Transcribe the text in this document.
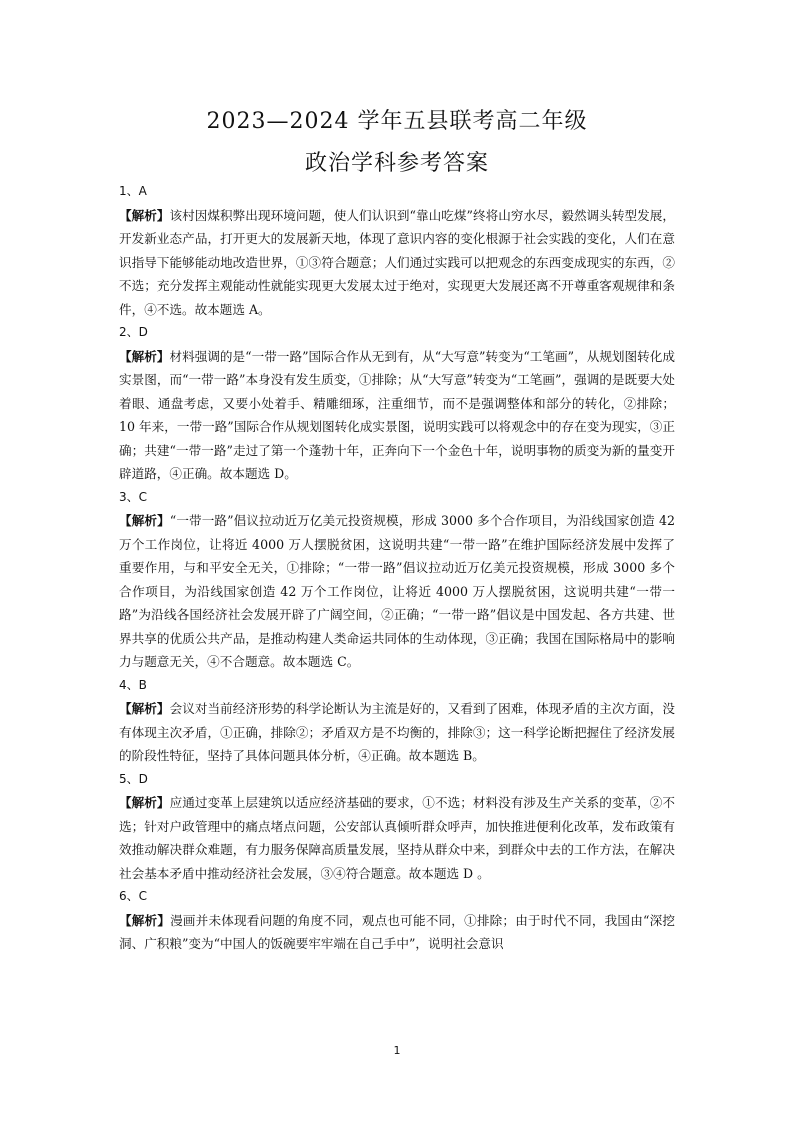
2023—2024 学年五县联考高二年级
政治学科参考答案

1、A

【解析】该村因煤积弊出现环境问题，使人们认识到“靠山吃煤”终将山穷水尽，毅然调头转型发展，开发新业态产品，打开更大的发展新天地，体现了意识内容的变化根源于社会实践的变化，人们在意识指导下能够能动地改造世界，①③符合题意；人们通过实践可以把观念的东西变成现实的东西，②不选；充分发挥主观能动性就能实现更大发展太过于绝对，实现更大发展还离不开尊重客观规律和条件，④不选。故本题选 A。

2、D

【解析】材料强调的是“一带一路”国际合作从无到有，从“大写意”转变为“工笔画”，从规划图转化成实景图，而“一带一路”本身没有发生质变，①排除；从“大写意”转变为“工笔画”，强调的是既要大处着眼、通盘考虑，又要小处着手、精雕细琢，注重细节，而不是强调整体和部分的转化，②排除；10 年来，一带一路”国际合作从规划图转化成实景图，说明实践可以将观念中的存在变为现实，③正确；共建“一带一路”走过了第一个蓬勃十年，正奔向下一个金色十年，说明事物的质变为新的量变开辟道路，④正确。故本题选 D。

3、C

【解析】“一带一路”倡议拉动近万亿美元投资规模，形成 3000 多个合作项目，为沿线国家创造 42 万个工作岗位，让将近 4000 万人摆脱贫困，这说明共建“一带一路”在维护国际经济发展中发挥了重要作用，与和平安全无关，①排除；“一带一路”倡议拉动近万亿美元投资规模，形成 3000 多个合作项目，为沿线国家创造 42 万个工作岗位，让将近 4000 万人摆脱贫困，这说明共建“一带一路”为沿线各国经济社会发展开辟了广阔空间，②正确；“一带一路”倡议是中国发起、各方共建、世界共享的优质公共产品，是推动构建人类命运共同体的生动体现，③正确；我国在国际格局中的影响力与题意无关，④不合题意。故本题选 C。

4、B

【解析】会议对当前经济形势的科学论断认为主流是好的，又看到了困难，体现矛盾的主次方面，没有体现主次矛盾，①正确，排除②；矛盾双方是不均衡的，排除③；这一科学论断把握住了经济发展的阶段性特征，坚持了具体问题具体分析，④正确。故本题选 B。

5、D

【解析】应通过变革上层建筑以适应经济基础的要求，①不选；材料没有涉及生产关系的变革，②不选；针对户政管理中的痛点堵点问题，公安部认真倾听群众呼声，加快推进便利化改革，发布政策有效推动解决群众难题，有力服务保障高质量发展，坚持从群众中来，到群众中去的工作方法，在解决社会基本矛盾中推动经济社会发展，③④符合题意。故本题选 D 。

6、C

【解析】漫画并未体现看问题的角度不同，观点也可能不同，①排除；由于时代不同，我国由“深挖洞、广积粮”变为“中国人的饭碗要牢牢端在自己手中”，说明社会意识

1
